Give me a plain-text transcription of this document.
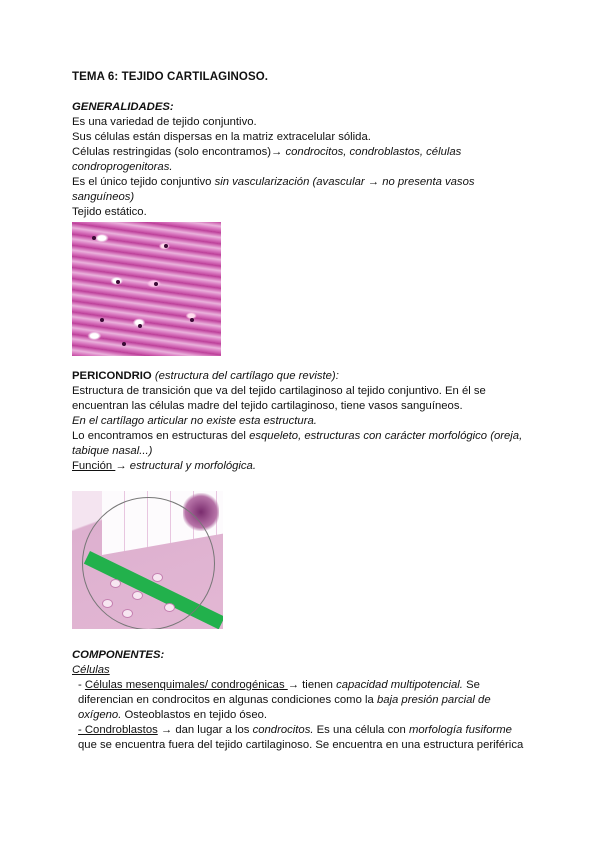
TEMA 6: TEJIDO CARTILAGINOSO.

GENERALIDADES:

Es una variedad de tejido conjuntivo.

Sus células están dispersas en la matriz extracelular sólida.

Células restringidas (solo encontramos)→ condrocitos, condroblastos, células condroprogenitoras.

Es el único tejido conjuntivo sin vascularización (avascular → no presenta vasos sanguíneos)

Tejido estático.

PERICONDRIO (estructura del cartílago que reviste):

Estructura de transición que va del tejido cartilaginoso al tejido conjuntivo. En él se encuentran las células madre del tejido cartilaginoso, tiene vasos sanguíneos.

En el cartílago articular no existe esta estructura.

Lo encontramos en estructuras del esqueleto, estructuras con carácter morfológico (oreja, tabique nasal...)

Función → estructural y morfológica.

COMPONENTES:

Células

- Células mesenquimales/ condrogénicas → tienen capacidad multipotencial. Se diferencian en condrocitos en algunas condiciones como la baja presión parcial de oxígeno. Osteoblastos en tejido óseo.

- Condroblastos → dan lugar a los condrocitos. Es una célula con morfología fusiforme que se encuentra fuera del tejido cartilaginoso. Se encuentra en una estructura periférica
